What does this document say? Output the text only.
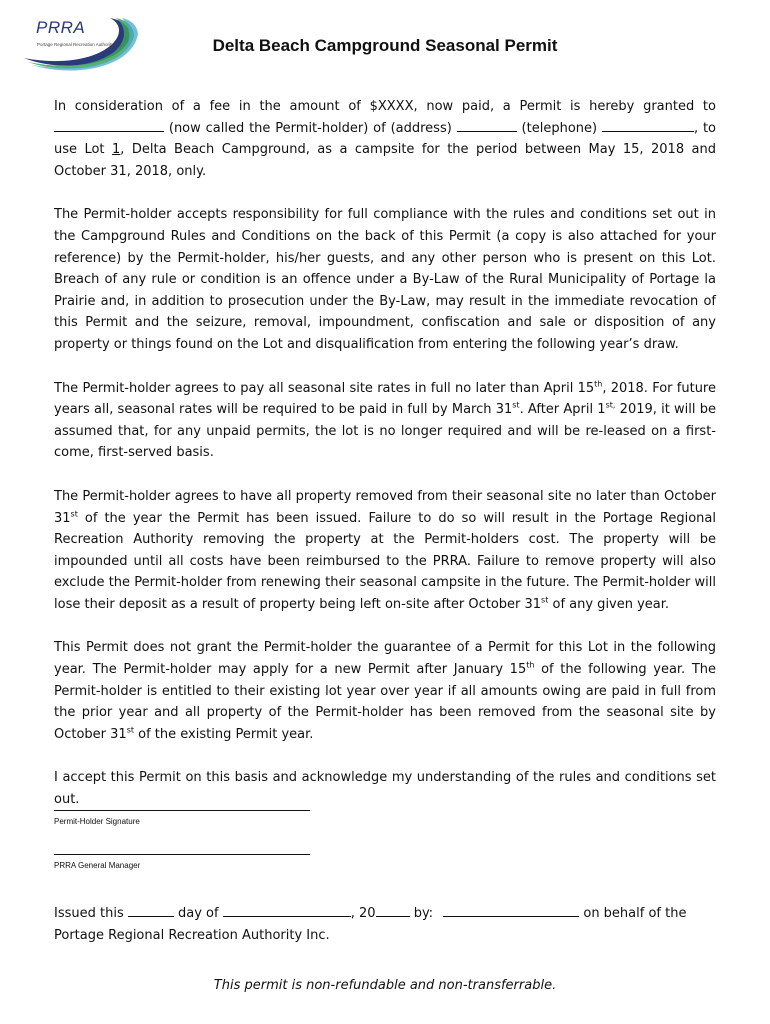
PRRA
Portage Regional Recreation Authority Inc.	Delta Beach Campground Seasonal Permit

In consideration of a fee in the amount of $XXXX, now paid, a Permit is hereby granted to  (now called the Permit-holder) of (address)	(telephone)	, to use Lot 1, Delta Beach Campground, as a campsite for the period between May 15, 2018 and October 31, 2018, only.

The Permit-holder accepts responsibility for full compliance with the rules and conditions set out in the Campground Rules and Conditions on the back of this Permit (a copy is also attached for your reference) by the Permit-holder, his/her guests, and any other person who is present on this Lot. Breach of any rule or condition is an offence under a By-Law of the Rural Municipality of Portage la Prairie and, in addition to prosecution under the By-Law, may result in the immediate revocation of this Permit and the seizure, removal, impoundment, confiscation and sale or disposition of any property or things found on the Lot and disqualification from entering the following year’s draw.

The Permit-holder agrees to pay all seasonal site rates in full no later than April 15th, 2018. For future years all, seasonal rates will be required to be paid in full by March 31st. After April $1^{st,}$ 2019, it will be assumed that, for any unpaid permits, the lot is no longer required and will be re-leased on a first-come, first-served basis.

The Permit-holder agrees to have all property removed from their seasonal site no later than October 31st of the year the Permit has been issued. Failure to do so will result in the Portage Regional Recreation Authority removing the property at the Permit-holders cost. The property will be impounded until all costs have been reimbursed to the PRRA. Failure to remove property will also exclude the Permit-holder from renewing their seasonal campsite in the future. The Permit-holder will lose their deposit as a result of property being left on-site after October 31st of any given year.

This Permit does not grant the Permit-holder the guarantee of a Permit for this Lot in the following year. The Permit-holder may apply for a new Permit after January 15th of the following year. The Permit-holder is entitled to their existing lot year over year if all amounts owing are paid in full from the prior year and all property of the Permit-holder has been removed from the seasonal site by October 31st of the existing Permit year.

I accept this Permit on this basis and acknowledge my understanding of the rules and conditions set out.

Permit-Holder Signature
PRRA General Manager
Issued this	day of	, 20	by:	on behalf of the
Portage Regional Recreation Authority Inc.
This permit is non-refundable and non-transferrable.
